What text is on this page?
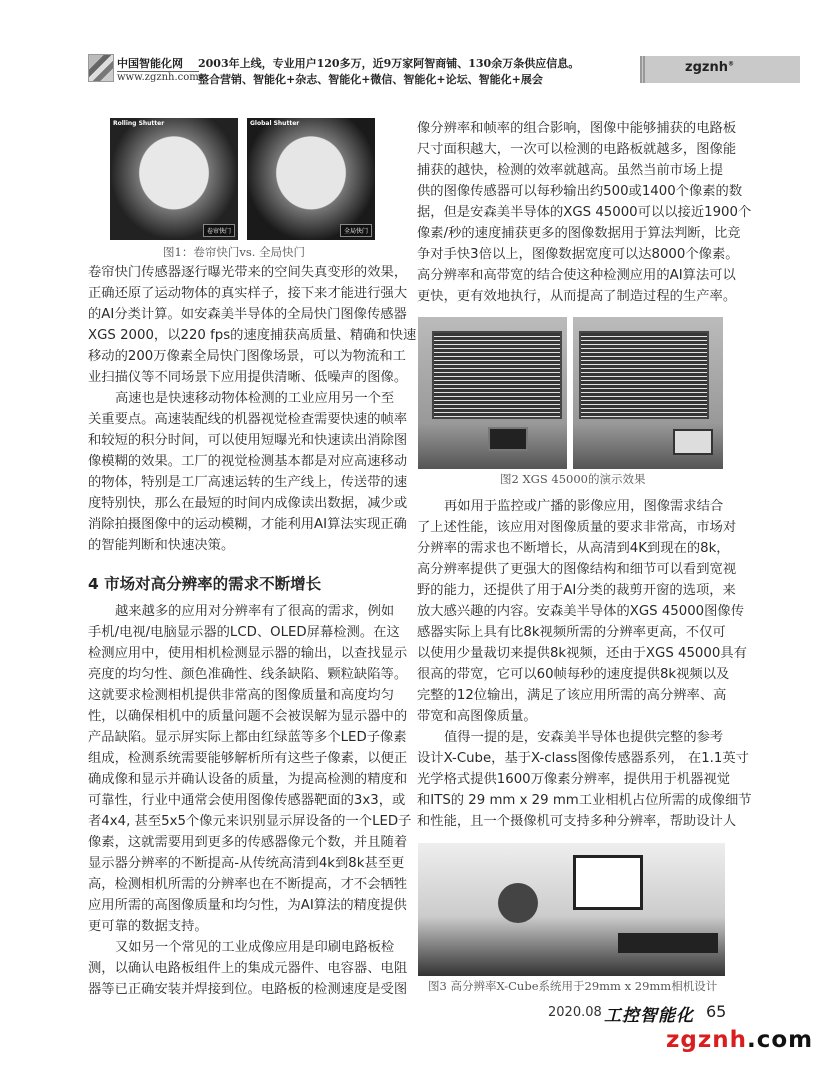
中国智能化网
www.zgznh.com
2003年上线，专业用户120多万，近9万家阿智商铺、130余万条供应信息。
整合营销、智能化+杂志、智能化+微信、智能化+论坛、智能化+展会
zgznh®
Rolling Shutter
卷帘快门
Global Shutter
全局快门
图1：卷帘快门vs. 全局快门
卷帘快门传感器逐行曝光带来的空间失真变形的效果，
正确还原了运动物体的真实样子，接下来才能进行强大
的AI分类计算。如安森美半导体的全局快门图像传感器
XGS 2000，以220 fps的速度捕获高质量、精确和快速
移动的200万像素全局快门图像场景，可以为物流和工
业扫描仪等不同场景下应用提供清晰、低噪声的图像。
高速也是快速移动物体检测的工业应用另一个至
关重要点。高速装配线的机器视觉检查需要快速的帧率
和较短的积分时间，可以使用短曝光和快速读出消除图
像模糊的效果。工厂的视觉检测基本都是对应高速移动
的物体，特别是工厂高速运转的生产线上，传送带的速
度特别快，那么在最短的时间内成像读出数据，减少或
消除拍摄图像中的运动模糊，才能利用AI算法实现正确
的智能判断和快速决策。
4 市场对高分辨率的需求不断增长
越来越多的应用对分辨率有了很高的需求，例如
手机/电视/电脑显示器的LCD、OLED屏幕检测。在这
检测应用中，使用相机检测显示器的输出，以查找显示
亮度的均匀性、颜色准确性、线条缺陷、颗粒缺陷等。
这就要求检测相机提供非常高的图像质量和高度均匀
性，以确保相机中的质量问题不会被误解为显示器中的
产品缺陷。显示屏实际上都由红绿蓝等多个LED子像素
组成，检测系统需要能够解析所有这些子像素，以便正
确成像和显示并确认设备的质量，为提高检测的精度和
可靠性，行业中通常会使用图像传感器靶面的3x3，或
者4x4, 甚至5x5个像元来识别显示屏设备的一个LED子
像素，这就需要用到更多的传感器像元个数，并且随着
显示器分辨率的不断提高-从传统高清到4k到8k甚至更
高，检测相机所需的分辨率也在不断提高，才不会牺牲
应用所需的高图像质量和均匀性，为AI算法的精度提供
更可靠的数据支持。
又如另一个常见的工业成像应用是印刷电路板检
测，以确认电路板组件上的集成元器件、电容器、电阻
器等已正确安装并焊接到位。电路板的检测速度是受图
像分辨率和帧率的组合影响，图像中能够捕获的电路板
尺寸面积越大，一次可以检测的电路板就越多，图像能
捕获的越快，检测的效率就越高。虽然当前市场上提
供的图像传感器可以每秒输出约500或1400个像素的数
据，但是安森美半导体的XGS 45000可以以接近1900个
像素/秒的速度捕获更多的图像数据用于算法判断，比竞
争对手快3倍以上，图像数据宽度可以达8000个像素。
高分辨率和高带宽的结合使这种检测应用的AI算法可以
更快，更有效地执行，从而提高了制造过程的生产率。
图2 XGS 45000的演示效果
再如用于监控或广播的影像应用，图像需求结合
了上述性能，该应用对图像质量的要求非常高，市场对
分辨率的需求也不断增长，从高清到4K到现在的8k，
高分辨率提供了更强大的图像结构和细节可以看到宽视
野的能力，还提供了用于AI分类的裁剪开窗的选项，来
放大感兴趣的内容。安森美半导体的XGS 45000图像传
感器实际上具有比8k视频所需的分辨率更高，不仅可
以使用少量裁切来提供8k视频，还由于XGS 45000具有
很高的带宽，它可以60帧每秒的速度提供8k视频以及
完整的12位输出，满足了该应用所需的高分辨率、高
带宽和高图像质量。
值得一提的是，安森美半导体也提供完整的参考
设计X-Cube，基于X-class图像传感器系列， 在1.1英寸
光学格式提供1600万像素分辨率，提供用于机器视觉
和ITS的 29 mm x 29 mm工业相机占位所需的成像细节
和性能，且一个摄像机可支持多种分辨率，帮助设计人
图3 高分辨率X-Cube系统用于29mm x 29mm相机设计
2020.08 工控智能化 65
zgznh.com
